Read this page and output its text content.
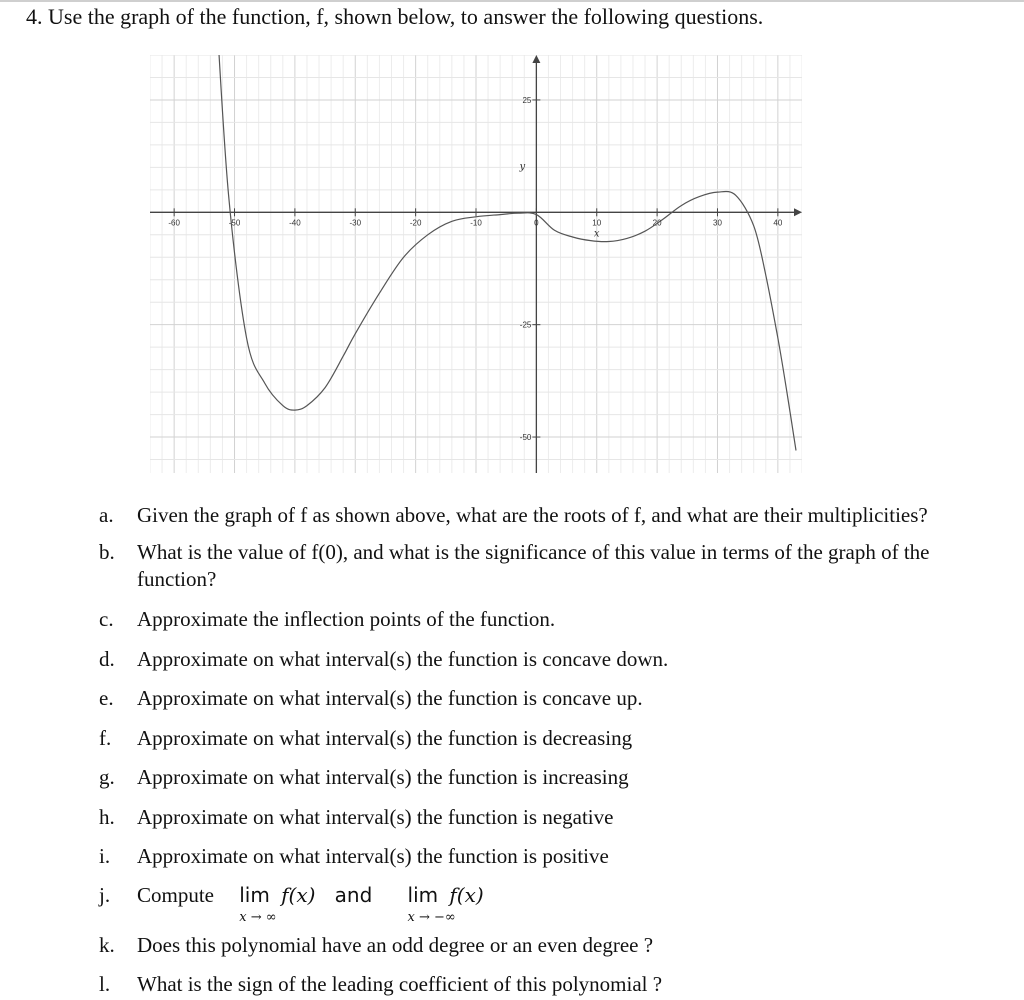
4. Use the graph of the function, f, shown below, to answer the following questions.
-60	-50	-40	-30	-20	-10	0	10	20	30	40
25
-25
-50
x
y
a.	Given the graph of f as shown above, what are the roots of f, and what are their multiplicities?
b.	What is the value of f(0), and what is the significance of this value in terms of the graph of the function?
c.	Approximate the inflection points of the function.
d.	Approximate on what interval(s) the function is concave down.
e.	Approximate on what interval(s) the function is concave up.
f.	Approximate on what interval(s) the function is decreasing
g.	Approximate on what interval(s) the function is increasing
h.	Approximate on what interval(s) the function is negative
i.	Approximate on what interval(s) the function is positive
j.	Compute lim
x → ∞
f(x) and lim
x → −∞
f(x)
k.	Does this polynomial have an odd degree or an even degree ?
l.	What is the sign of the leading coefficient of this polynomial ?
